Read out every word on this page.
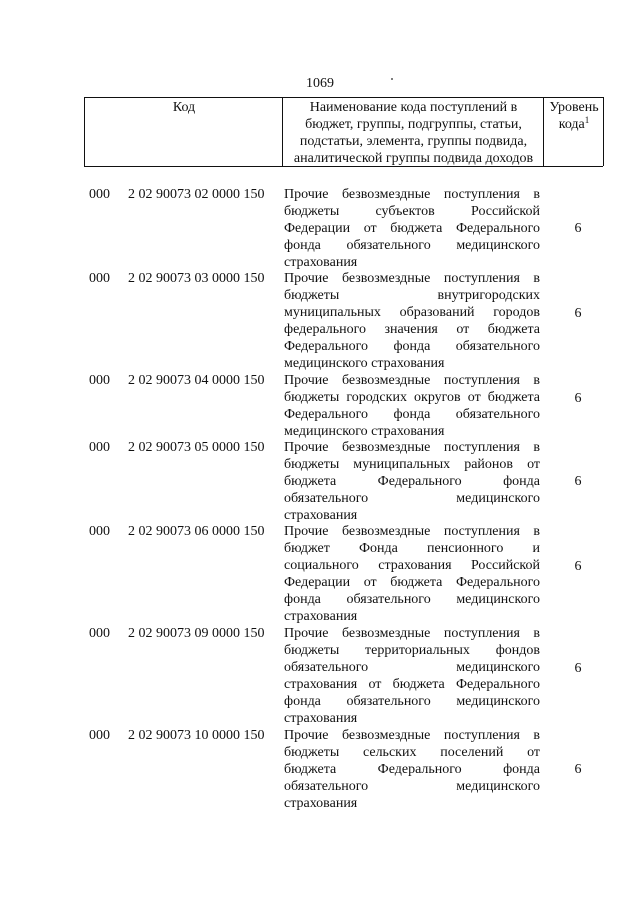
1069
Код	Наименование кода поступлений в
бюджет, группы, подгруппы, статьи,
подстатьи, элемента, группы подвида,
аналитической группы подвида доходов
Уровень
кода$^1$
000 2 02 90073 02 0000 150 Прочие безвозмездные поступления в
бюджеты субъектов Российской
Федерации от бюджета Федерального
фонда обязательного медицинского
страхования
6
000 2 02 90073 03 0000 150 Прочие безвозмездные поступления в
бюджеты внутригородских
муниципальных образований городов
федерального значения от бюджета
Федерального фонда обязательного
медицинского страхования
6
000 2 02 90073 04 0000 150 Прочие безвозмездные поступления в
бюджеты городских округов от бюджета
Федерального фонда обязательного
медицинского страхования
6
000 2 02 90073 05 0000 150 Прочие безвозмездные поступления в
бюджеты муниципальных районов от
бюджета Федерального фонда
обязательного медицинского
страхования
6
000 2 02 90073 06 0000 150 Прочие безвозмездные поступления в
бюджет Фонда пенсионного и
социального страхования Российской
Федерации от бюджета Федерального
фонда обязательного медицинского
страхования
6
000 2 02 90073 09 0000 150 Прочие безвозмездные поступления в
бюджеты территориальных фондов
обязательного медицинского
страхования от бюджета Федерального
фонда обязательного медицинского
страхования
6
000 2 02 90073 10 0000 150 Прочие безвозмездные поступления в
бюджеты сельских поселений от
бюджета Федерального фонда
обязательного медицинского
страхования
6
